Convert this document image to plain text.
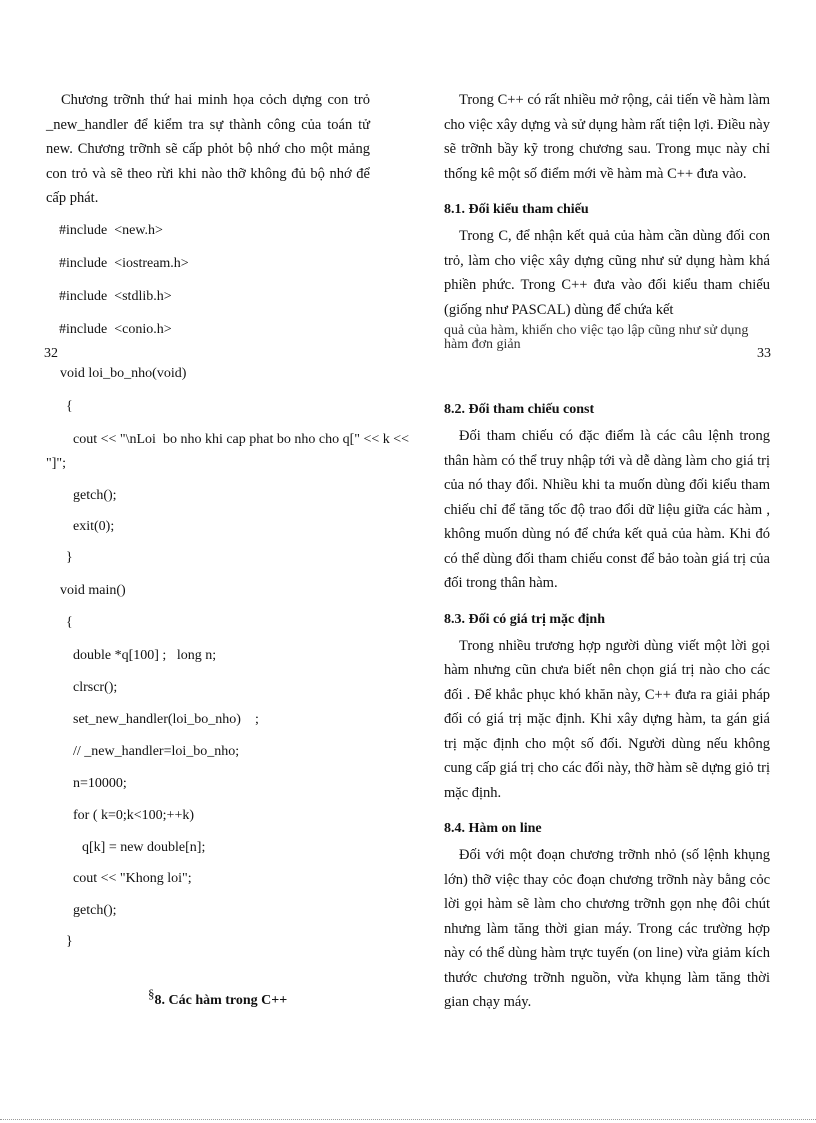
Chương trỡnh thứ hai minh họa cỏch dựng con trỏ _new_handler để kiểm tra sự thành công của toán tử new. Chương trỡnh sẽ cấp phỏt bộ nhớ cho một mảng con trỏ và sẽ theo rừi khi nào thỡ không đủ bộ nhớ để cấp phát.

#include  <new.h>
#include  <iostream.h>
#include  <stdlib.h>
#include  <conio.h>
32	33
void loi_bo_nho(void)
{
cout << "\nLoi  bo nho khi cap phat bo nho cho q[" << k <<
"]";
getch();
exit(0);
}
void main()
{
double *q[100] ;   long n;
clrscr();
set_new_handler(loi_bo_nho)    ;
// _new_handler=loi_bo_nho;
n=10000;
for ( k=0;k<100;++k)
q[k] = new double[n];
cout << "Khong loi";
getch();
}
§8. Các hàm trong C++

Trong C++ có rất nhiều mở rộng, cải tiến về hàm làm cho việc xây dựng và sử dụng hàm rất tiện lợi. Điều này sẽ trỡnh bầy kỹ trong chương sau. Trong mục này chỉ thống kê một số điểm mới về hàm mà C++ đưa vào.

8.1. Đối kiểu tham chiếu

Trong C, để nhận kết quả của hàm cần dùng đối con trỏ, làm cho việc xây dựng cũng như sử dụng hàm khá phiền phức. Trong C++ đưa vào đối kiểu tham chiếu (giống như PASCAL) dùng để chứa kết

quả của hàm, khiến cho việc tạo lập cũng như sử dụng hàm đơn giản
8.2. Đối tham chiếu const

Đối tham chiếu có đặc điểm là các câu lệnh trong thân hàm có thể truy nhập tới và dễ dàng làm cho giá trị của nó thay đổi. Nhiều khi ta muốn dùng đối kiểu tham chiếu chỉ để tăng tốc độ trao đổi dữ liệu giữa các hàm , không muốn dùng nó để chứa kết quả của hàm. Khi đó có thể dùng đối tham chiếu const để bảo toàn giá trị của đối trong thân hàm.

8.3. Đối có giá trị mặc định

Trong nhiều trương hợp người dùng viết một lời gọi hàm nhưng cũn chưa biết nên chọn giá trị nào cho các đối . Để khắc phục khó khăn này, C++ đưa ra giải pháp đối có giá trị mặc định. Khi xây dựng hàm, ta gán giá trị mặc định cho một số đối. Người dùng nếu không cung cấp giá trị cho các đối này, thỡ hàm sẽ dựng giỏ trị mặc định.

8.4. Hàm on line

Đối với một đoạn chương trỡnh nhỏ (số lệnh khụng lớn) thỡ việc thay cỏc đoạn chương trỡnh này bằng cỏc lời gọi hàm sẽ làm cho chương trỡnh gọn nhẹ đôi chút nhưng làm tăng thời gian máy. Trong các trường hợp này có thể dùng hàm trực tuyến (on line) vừa giảm kích thước chương trỡnh nguồn, vừa khụng làm tăng thời gian chạy máy.
